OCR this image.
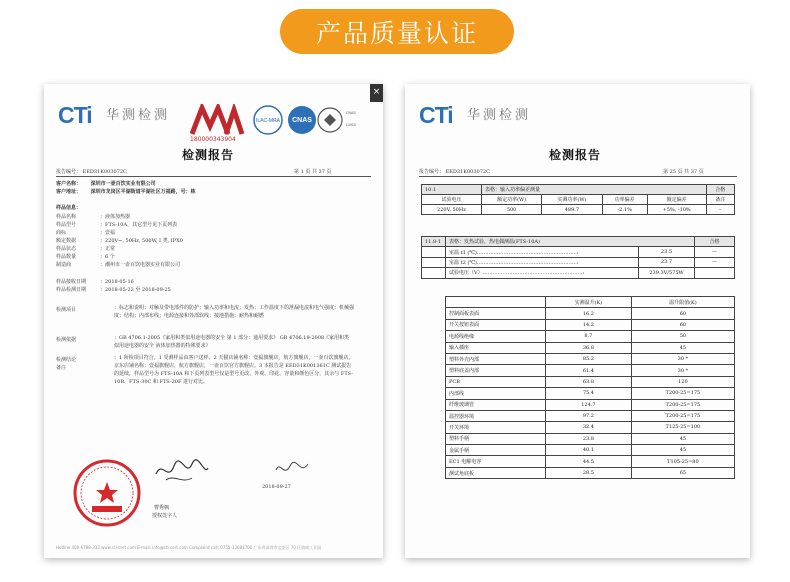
产品质量认证
CTi 华测检测
×
ILAC-MRA CNAS
CNAS
L1919
180000343904
检测报告
报告编号： EED31K003072C	第 1 页 共 37 页
客户名称： 深圳市一壶百饮实业有限公司
客户地址： 深圳市龙岗区平湖街道平湖社区万福路，号：栋
样品信息：
样品名称	：液体加热器
样品型号	：FTS-10A，其它型号见下页列表
商标	：壹福
额定数据	：220V~, 50Hz, 500W, I 类, IPX0
样品状态	：正常
样品数量	：6 个
制造商	：潮州市一壶百饮电器实业有限公司
样品接收日期	：2018-05-16
样品检测日期	：2018-05-22 至 2018-09-25
检测项目	：标志和说明；对触及带电部件的防护；输入功率和电流；发热；工作温度下的泄漏电流和电气强度；机械强度；结构；内部布线；电源连接和外部软线；接地措施；耐热和耐燃
检测依据	：GB 4706.1-2005《家用和类似用途电器的安全 第 1 部分：通用要求》 GB 4706.19-2008《家用和类似用途电器的安全 液体加热器的特殊要求》
检测结论
备注
：1 所检项目符合。1 受测样品由客户送样。2 天猫店铺名称：壹福旗舰店，航方旗舰店，一壶百饮旗舰店。京东店铺名称：壹福旗舰店，航方旗舰店，一壶百饮官方旗舰店。3 本报告是 EED31K001361C 测试报告的延续，样品型号为 FTS-10A 和下页列表型号仅是型号更改，外观、印花、容量和颜色区分，其余与 FTS-10B、FTS-30C 和 FTS-20F 进行对比。
曹秀枫
授权签字人
2018-09-27
Hotline 400-6788-333 www.cti-cert.com E-mail: info@cti-cert.com Complaint call: 0755-33681700 广东省深圳市宝安区 70 区鸿威工业园
CTi 华测检测
检测报告
报告编号： EED31K003072C	第 25 页 共 37 页
10.1	表格：输入功率偏差测量				合格
试验电压	额定功率(W)	实测功率(W)	功率偏差	额定偏差	备注
220V, 50Hz	500	489.7	-2.1%	+5%, -10%	–
11.8-1	表格：发热试验，热电偶测温(FTS-10A)		合格
	室温 t1 (℃)……………………………………………………:	23.5	—
	室温 t2 (℃)……………………………………………………:	23.7	—
	试验电压（V）……………………………………………………:	239.3V/575W	
	实测温升(K)	温升限值(K)
控制面板表面	16.2	60
开关按钮表面	14.2	60
电源线绝缘	8.7	50
输入插座	36.8	45
塑料外壳内部	85.2	30 *
塑料底盖内部	61.4	30 *
PCB	63.8	120
内部线	75.4	T200-25=175
纤维玻璃管	124.7	T200-25=175
温控器环境	97.2	T200-25=175
开关环境	32.4	T125-25=100
塑料手柄	23.8	45
金属手柄	40.1	45
EC1 电解电容	44.5	T105-25=80
测试角底板	28.5	65
